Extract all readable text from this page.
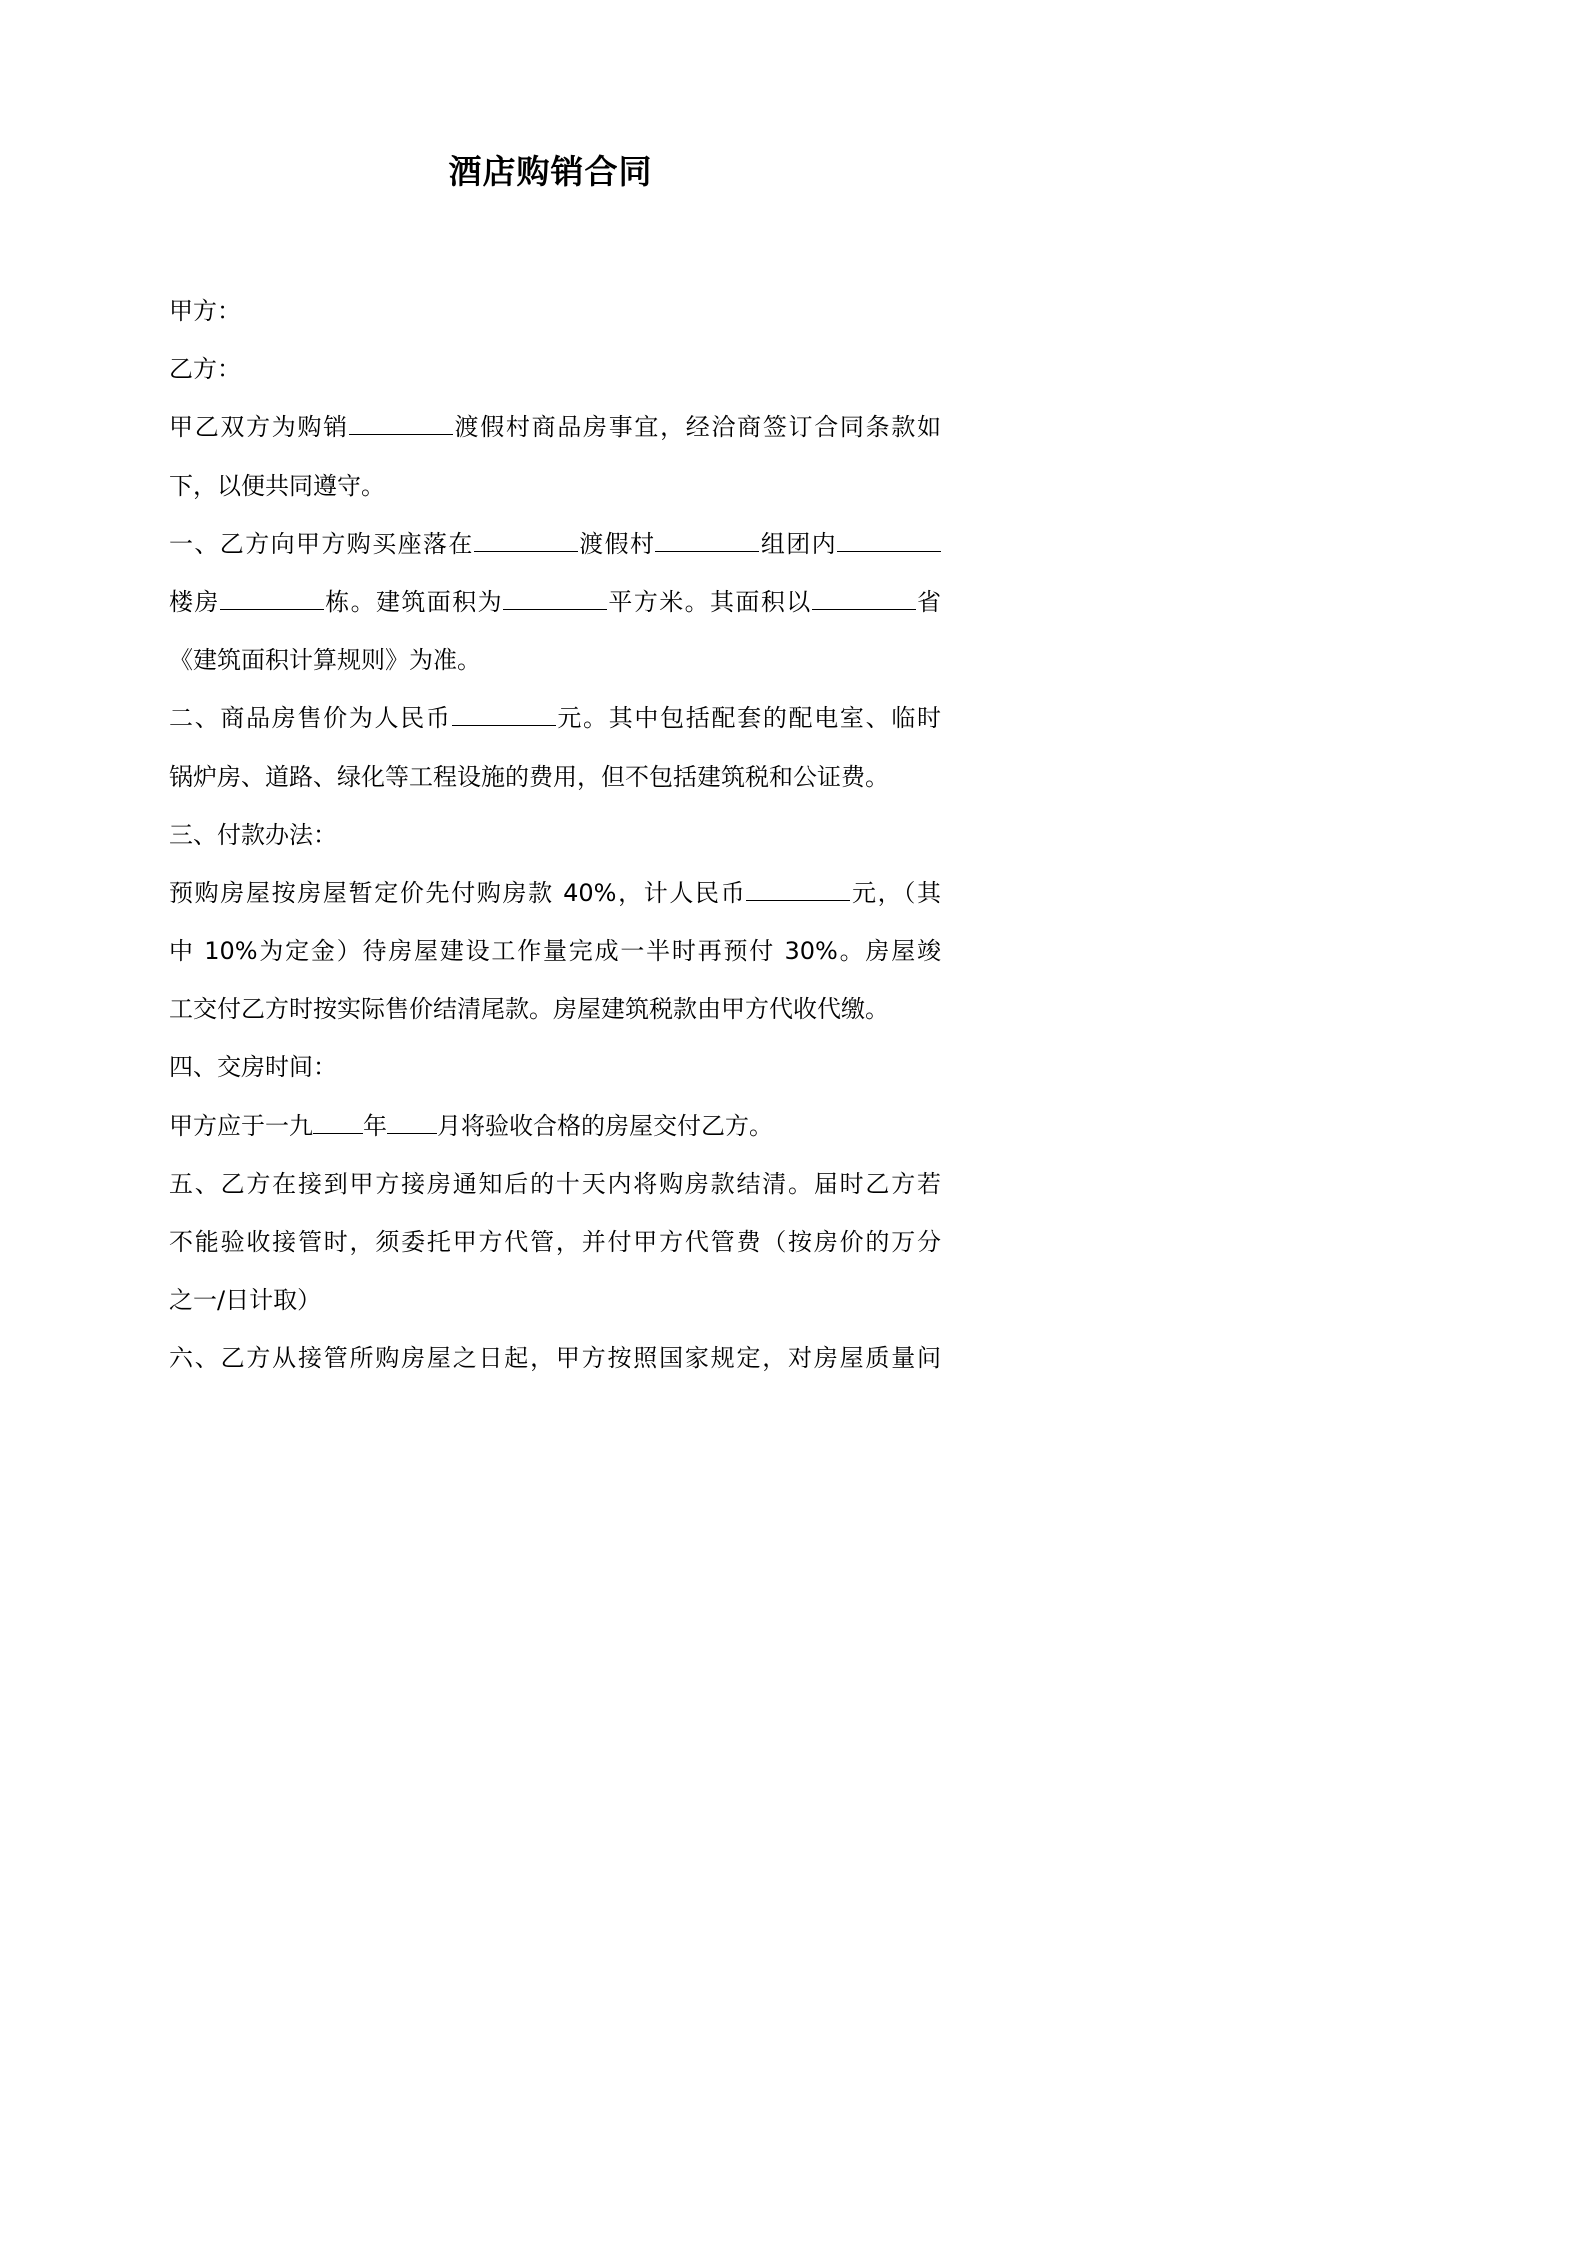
酒店购销合同
甲方：
乙方：
甲乙双方为购销	渡假村商品房事宜，经洽商签订合同条款如
下，以便共同遵守。
一、乙方向甲方购买座落在	渡假村	组团内
楼房	栋。建筑面积为	平方米。其面积以	省
《建筑面积计算规则》为准。
二、商品房售价为人民币	元。其中包括配套的配电室、临时
锅炉房、道路、绿化等工程设施的费用，但不包括建筑税和公证费。
三、付款办法：
预购房屋按房屋暂定价先付购房款 40%，计人民币	元，（其
中 10%为定金）待房屋建设工作量完成一半时再预付 30%。房屋竣
工交付乙方时按实际售价结清尾款。房屋建筑税款由甲方代收代缴。
四、交房时间：
甲方应于一九 年 月将验收合格的房屋交付乙方。
五、乙方在接到甲方接房通知后的十天内将购房款结清。届时乙方若
不能验收接管时，须委托甲方代管，并付甲方代管费（按房价的万分
之一/日计取）
六、乙方从接管所购房屋之日起，甲方按照国家规定，对房屋质量问
